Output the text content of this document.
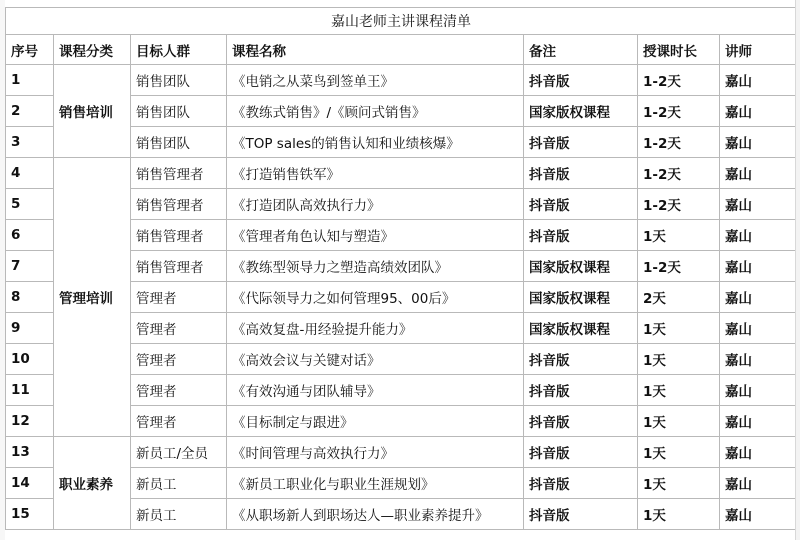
嘉山老师主讲课程清单						
序号	课程分类	目标人群	课程名称	备注	授课时长	讲师
1	销售培训	销售团队	《电销之从菜鸟到签单王》	抖音版	1-2天	嘉山
2		销售团队	《教练式销售》/《顾问式销售》	国家版权课程	1-2天	嘉山
3		销售团队	《TOP sales的销售认知和业绩核爆》	抖音版	1-2天	嘉山
4	管理培训	销售管理者	《打造销售铁军》	抖音版	1-2天	嘉山
5		销售管理者	《打造团队高效执行力》	抖音版	1-2天	嘉山
6		销售管理者	《管理者角色认知与塑造》	抖音版	1天	嘉山
7		销售管理者	《教练型领导力之塑造高绩效团队》	国家版权课程	1-2天	嘉山
8		管理者	《代际领导力之如何管理95、00后》	国家版权课程	2天	嘉山
9		管理者	《高效复盘-用经验提升能力》	国家版权课程	1天	嘉山
10		管理者	《高效会议与关键对话》	抖音版	1天	嘉山
11		管理者	《有效沟通与团队辅导》	抖音版	1天	嘉山
12		管理者	《目标制定与跟进》	抖音版	1天	嘉山
13	职业素养	新员工/全员	《时间管理与高效执行力》	抖音版	1天	嘉山
14		新员工	《新员工职业化与职业生涯规划》	抖音版	1天	嘉山
15		新员工	《从职场新人到职场达人—职业素养提升》	抖音版	1天	嘉山
